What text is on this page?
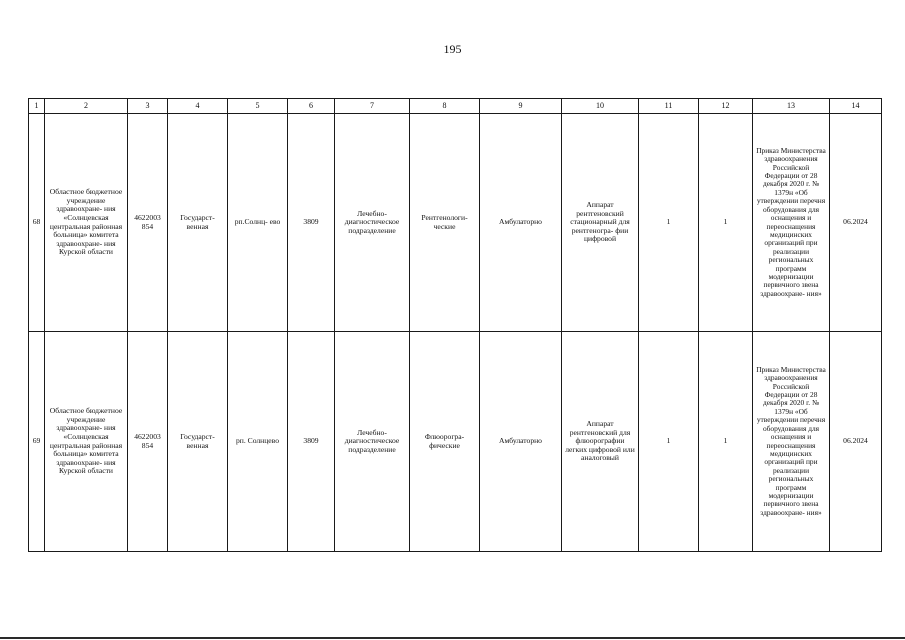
195
1	2	3	4	5	6	7	8	9	10	11	12	13	14
68	Областное бюджетное учреждение здравоохране- ния «Солнцевская центральная районная больница» комитета здравоохране- ния Курской области	4622003 854	Государст- венная	рп.Солнц- ево	3809	Лечебно- диагностическое подразделение	Рентгенологи- ческие	Амбулаторно	Аппарат рентгеновский стационарный для рентгеногра- фии цифровой	1	1	Приказ Министерства здравоохранения Российской Федерации от 28 декабря 2020 г. № 1379н «Об утверждении перечня оборудования для оснащения и переоснащения медицинских организаций при реализации региональных программ модернизации первичного звена здравоохране- ния»	06.2024
69	Областное бюджетное учреждение здравоохране- ния «Солнцевская центральная районная больница» комитета здравоохране- ния Курской области	4622003 854	Государст- венная	рп. Солнцево	3809	Лечебно- диагностическое подразделение	Флюорогра- фические	Амбулаторно	Аппарат рентгеновский для флюорографии легких цифровой или аналоговый	1	1	Приказ Министерства здравоохранения Российской Федерации от 28 декабря 2020 г. № 1379н «Об утверждении перечня оборудования для оснащения и переоснащения медицинских организаций при реализации региональных программ модернизации первичного звена здравоохране- ния»	06.2024
